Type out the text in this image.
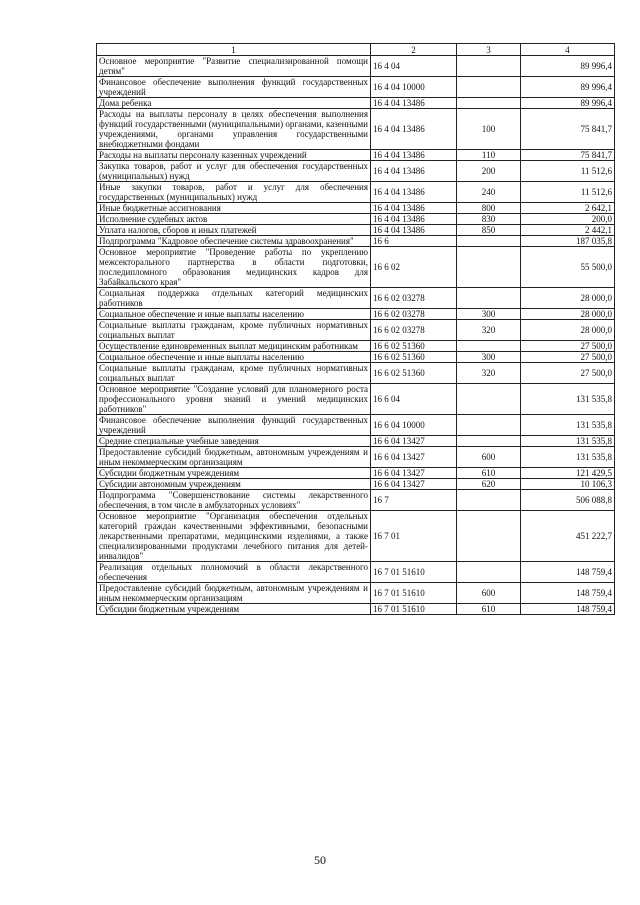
1	2	3	4
Основное мероприятие "Развитие специализированной помощи детям"	16 4 04		89 996,4
Финансовое обеспечение выполнения функций государственных учреждений	16 4 04 10000		89 996,4
Дома ребенка	16 4 04 13486		89 996,4
Расходы на выплаты персоналу в целях обеспечения выполнения функций государственными (муниципальными) органами, казенными учреждениями, органами управления государственными внебюджетными фондами	16 4 04 13486	100	75 841,7
Расходы на выплаты персоналу казенных учреждений	16 4 04 13486	110	75 841,7
Закупка товаров, работ и услуг для обеспечения государственных (муниципальных) нужд	16 4 04 13486	200	11 512,6
Иные закупки товаров, работ и услуг для обеспечения государственных (муниципальных) нужд	16 4 04 13486	240	11 512,6
Иные бюджетные ассигнования	16 4 04 13486	800	2 642,1
Исполнение судебных актов	16 4 04 13486	830	200,0
Уплата налогов, сборов и иных платежей	16 4 04 13486	850	2 442,1
Подпрограмма "Кадровое обеспечение системы здравоохранения"	16 6		187 035,8
Основное мероприятие "Проведение работы по укреплению межсекторального партнерства в области подготовки, последипломного образования медицинских кадров для Забайкальского края"	16 6 02		55 500,0
Социальная поддержка отдельных категорий медицинских работников	16 6 02 03278		28 000,0
Социальное обеспечение и иные выплаты населению	16 6 02 03278	300	28 000,0
Социальные выплаты гражданам, кроме публичных нормативных социальных выплат	16 6 02 03278	320	28 000,0
Осуществление единовременных выплат медицинским работникам	16 6 02 51360		27 500,0
Социальное обеспечение и иные выплаты населению	16 6 02 51360	300	27 500,0
Социальные выплаты гражданам, кроме публичных нормативных социальных выплат	16 6 02 51360	320	27 500,0
Основное мероприятие "Создание условий для планомерного роста профессионального уровня знаний и умений медицинских работников"	16 6 04		131 535,8
Финансовое обеспечение выполнения функций государственных учреждений	16 6 04 10000		131 535,8
Средние специальные учебные заведения	16 6 04 13427		131 535,8
Предоставление субсидий бюджетным, автономным учреждениям и иным некоммерческим организациям	16 6 04 13427	600	131 535,8
Субсидии бюджетным учреждениям	16 6 04 13427	610	121 429,5
Субсидии автономным учреждениям	16 6 04 13427	620	10 106,3
Подпрограмма "Совершенствование системы лекарственного обеспечения, в том числе в амбулаторных условиях"	16 7		506 088,8
Основное мероприятие "Организация обеспечения отдельных категорий граждан качественными эффективными, безопасными лекарственными препаратами, медицинскими изделиями, а также специализированными продуктами лечебного питания для детей-инвалидов"	16 7 01		451 222,7
Реализация отдельных полномочий в области лекарственного обеспечения	16 7 01 51610		148 759,4
Предоставление субсидий бюджетным, автономным учреждениям и иным некоммерческим организациям	16 7 01 51610	600	148 759,4
Субсидии бюджетным учреждениям	16 7 01 51610	610	148 759,4
50
